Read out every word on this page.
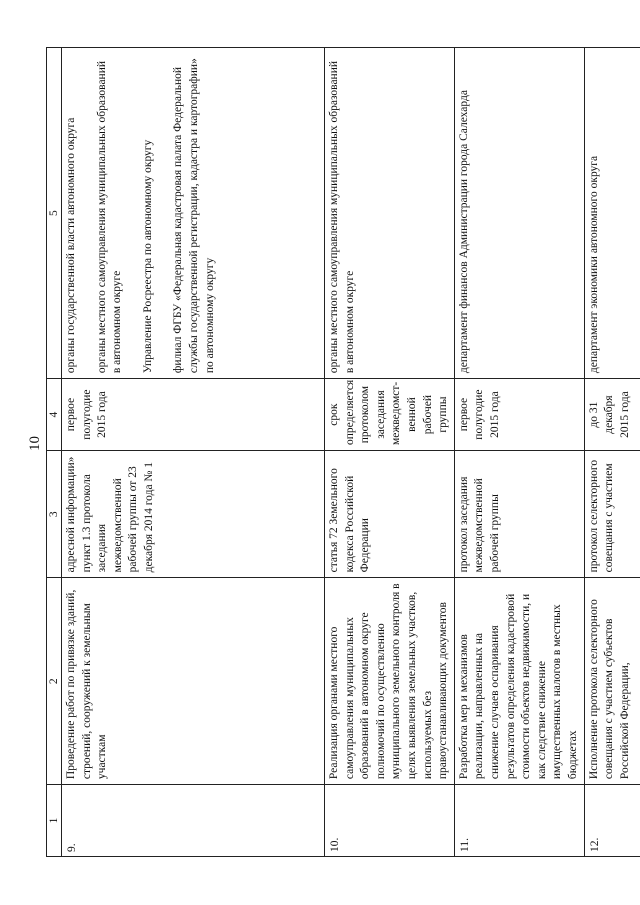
10
1	2	3	4	5
9.	Проведение работ по привязке зданий, строений, сооружений к земельным участкам	адресной информации» пункт 1.3 протокола заседания межведомственной рабочей группы от 23 декабря 2014 года № 1	первое полугодие 2015 года	органы государственной власти автономного округа органы местного самоуправления муниципальных образований в автономном округе Управление Росреестра по автономному округу филиал ФГБУ «Федеральная кадастровая палата Федеральной службы государственной регистрации, кадастра и картографии» по автономному округу

10.	Реализация органами местного самоуправления муниципальных образований в автономном округе полномочий по осуществлению муниципального земельного контроля в целях выявления земельных участков, используемых без правоустанавливающих документов	статья 72 Земельного кодекса Российской Федерации	срок определяется протоколом заседания межведомст-венной рабочей группы	органы местного самоуправления муниципальных образований в автономном округе

11.	Разработка мер и механизмов реализации, направленных на снижение случаев оспаривания результатов определения кадастровой стоимости объектов недвижимости, и как следствие снижение имущественных налогов в местных бюджетах	протокол заседания межведомственной рабочей группы	первое полугодие 2015 года	департамент финансов Администрации города Салехарда

12.	Исполнение протокола селекторного совещания с участием субъектов Российской Федерации,	протокол селекторного совещания с участием	до 31 декабря 2015 года	департамент экономики автономного округа
